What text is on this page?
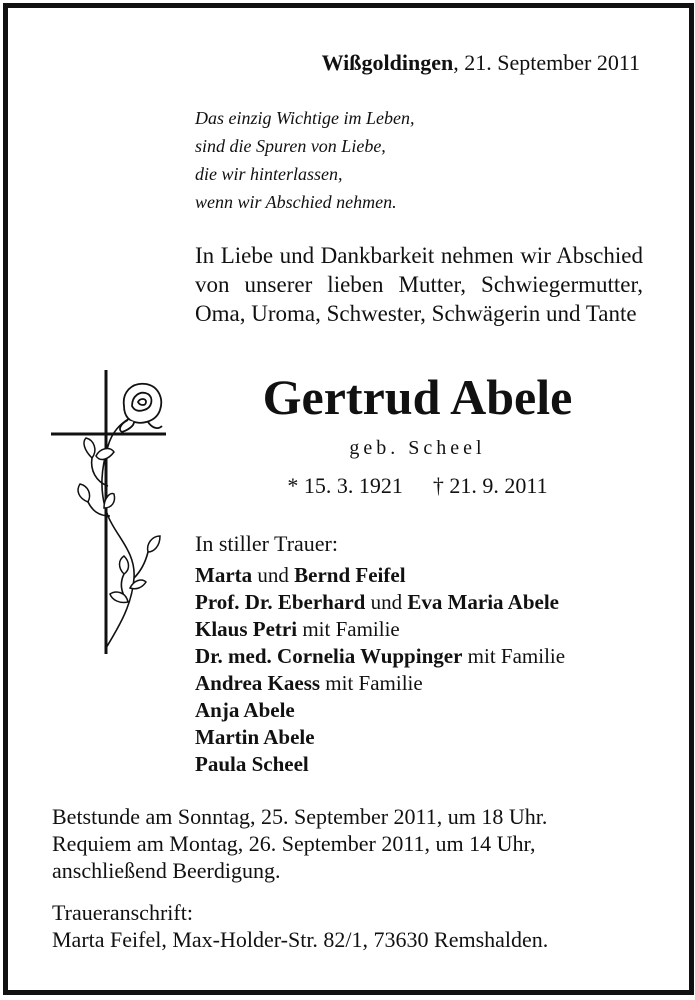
Wißgoldingen, 21. September 2011
Das einzig Wichtige im Leben,
sind die Spuren von Liebe,
die wir hinterlassen,
wenn wir Abschied nehmen.
In Liebe und Dankbarkeit nehmen wir Abschied von unserer lieben Mutter, Schwiegermutter, Oma, Uroma, Schwester, Schwägerin und Tante
Gertrud Abele
geb. Scheel
* 15. 3. 1921 † 21. 9. 2011
In stiller Trauer:
Marta und Bernd Feifel
Prof. Dr. Eberhard und Eva Maria Abele
Klaus Petri mit Familie
Dr. med. Cornelia Wuppinger mit Familie
Andrea Kaess mit Familie
Anja Abele
Martin Abele
Paula Scheel
Betstunde am Sonntag, 25. September 2011, um 18 Uhr.
Requiem am Montag, 26. September 2011, um 14 Uhr,
anschließend Beerdigung.
Traueranschrift:
Marta Feifel, Max-Holder-Str. 82/1, 73630 Remshalden.
